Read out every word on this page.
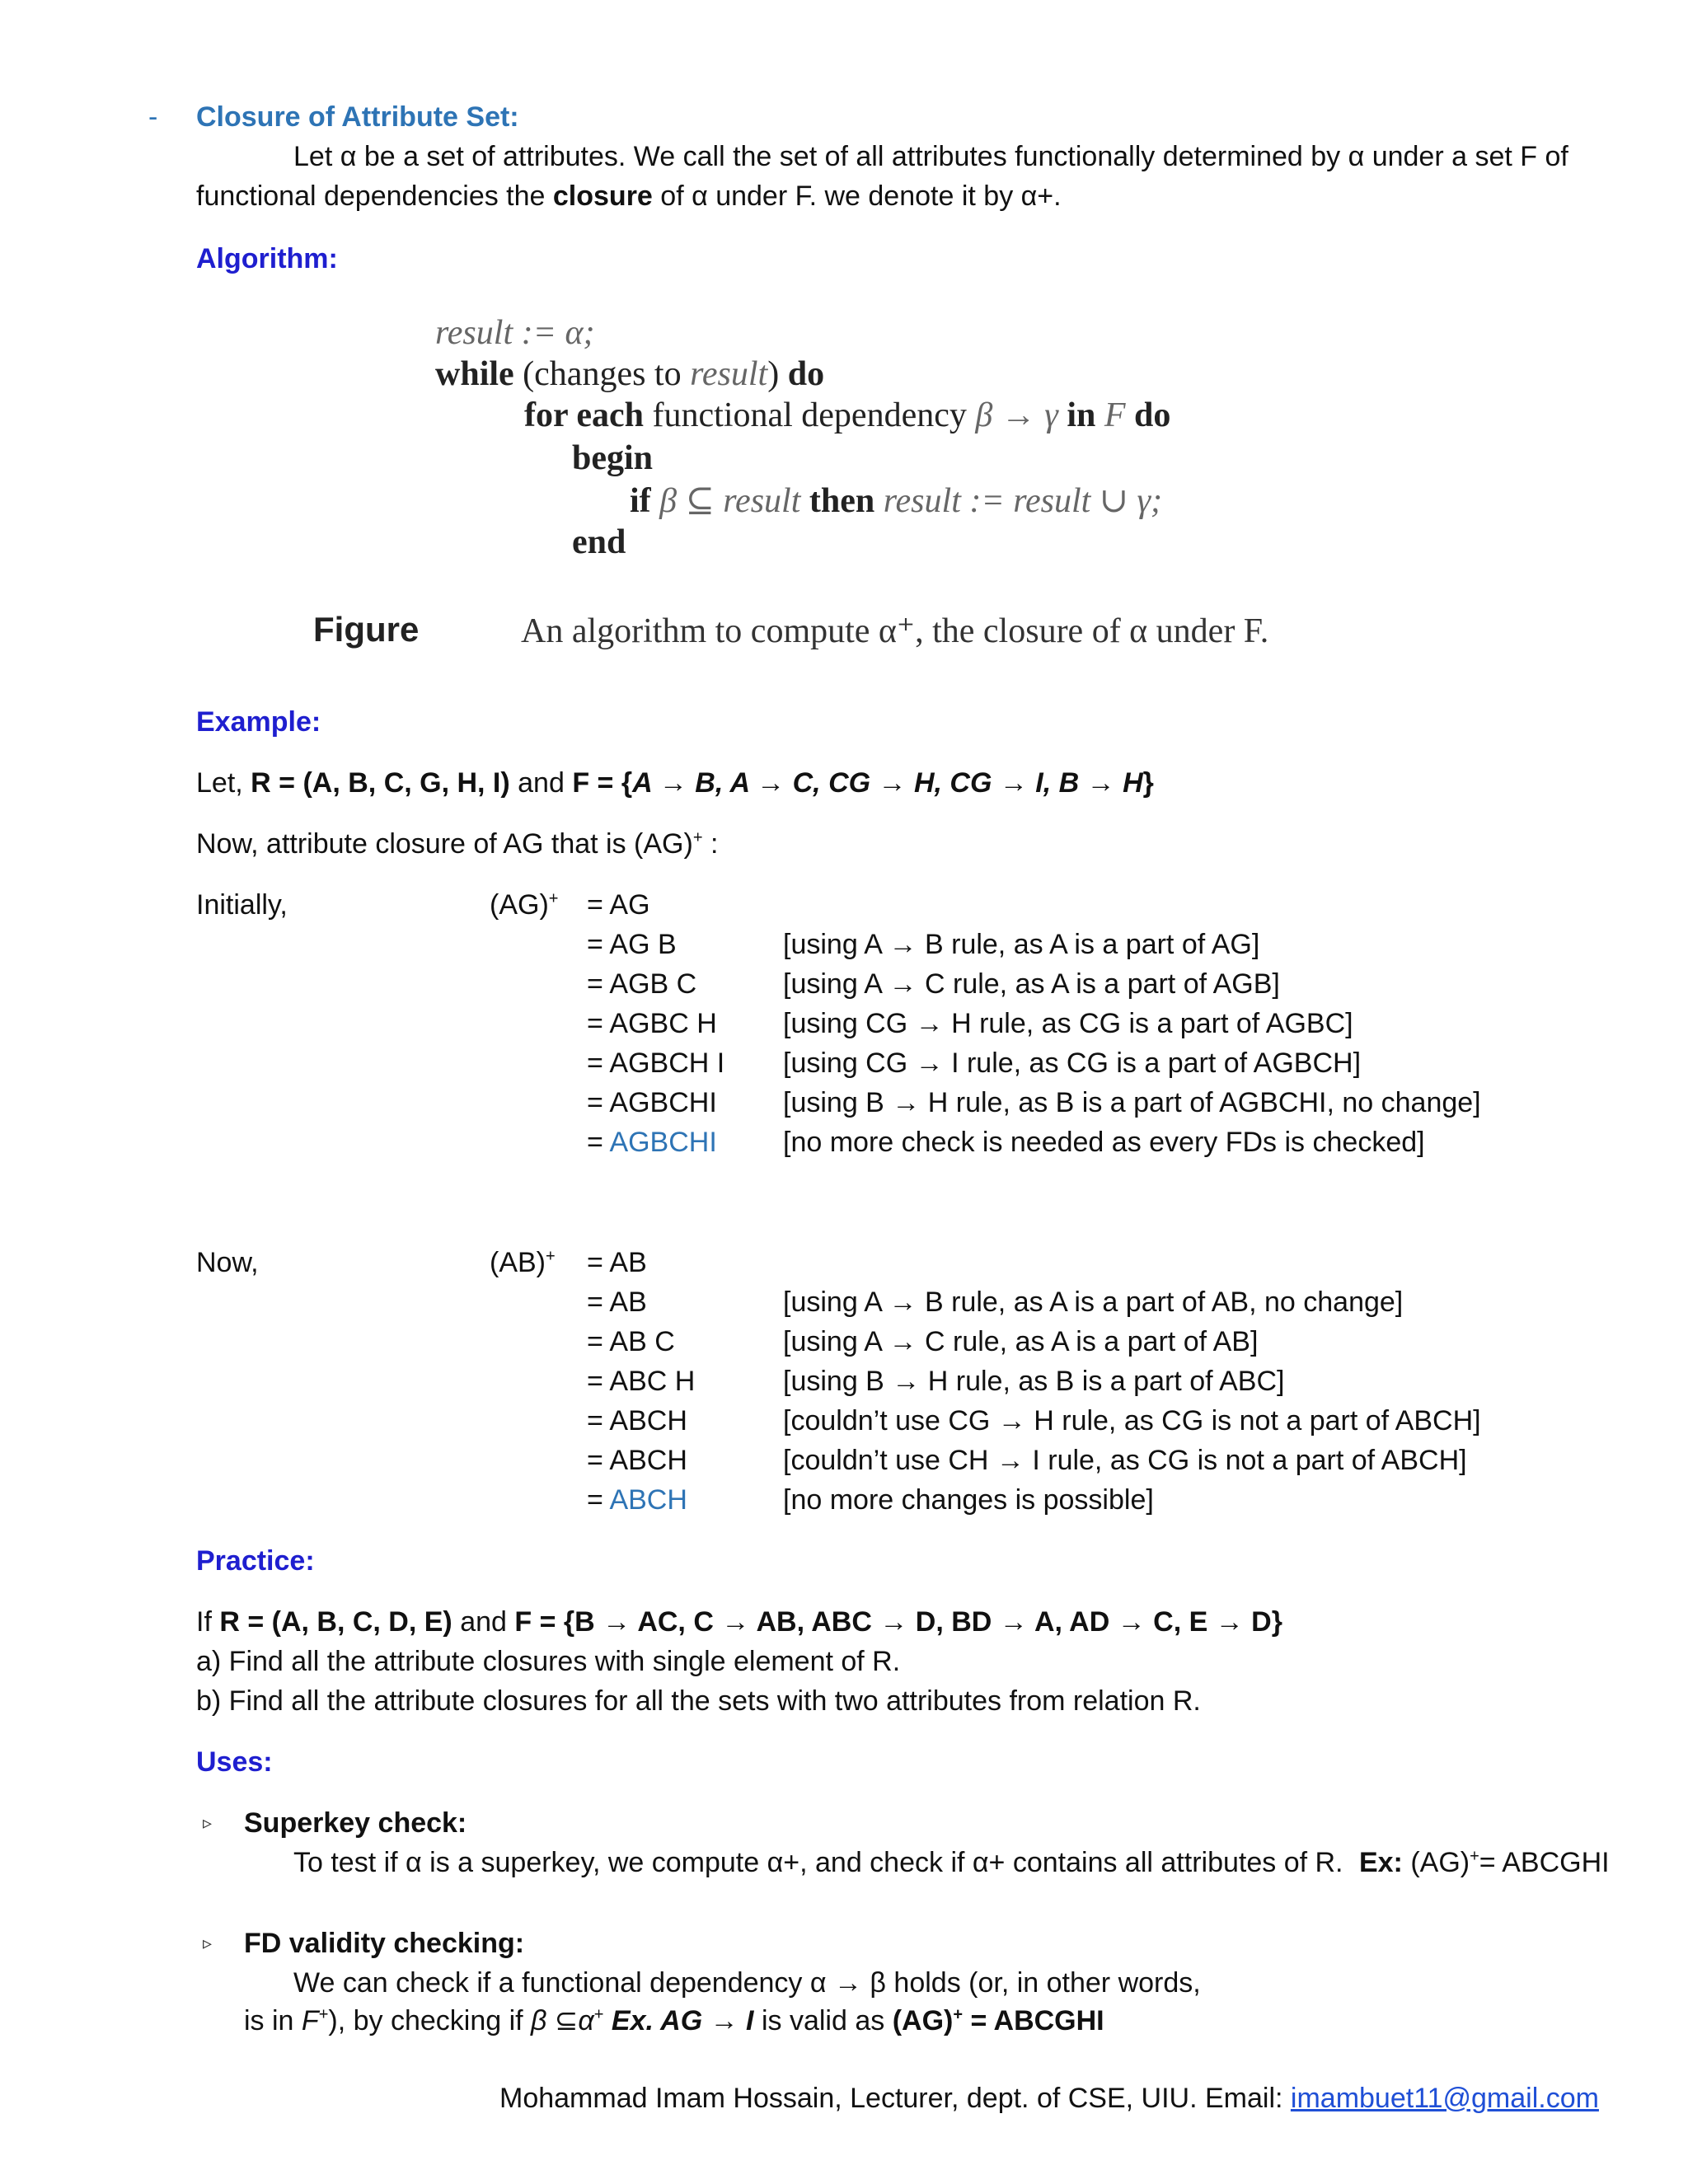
- Closure of Attribute Set:
Let α be a set of attributes. We call the set of all attributes functionally determined by α under a set F of
functional dependencies the closure of α under F. we denote it by α+.
Algorithm:
result := α;
while (changes to result) do
for each functional dependency β → γ in F do
begin
if β ⊆ result then result := result ∪ γ;
end
Figure	An algorithm to compute α⁺, the closure of α under F.
Example:
Let, R = (A, B, C, G, H, I) and F = {A → B, A → C, CG → H, CG → I, B → H}
Now, attribute closure of AG that is (AG)+ :
Initially,	(AG)+ = AG
= AG B	[using A → B rule, as A is a part of AG]
= AGB C	[using A → C rule, as A is a part of AGB]
= AGBC H [using CG → H rule, as CG is a part of AGBC]
= AGBCH I [using CG → I rule, as CG is a part of AGBCH]
= AGBCHI [using B → H rule, as B is a part of AGBCHI, no change]
= AGBCHI [no more check is needed as every FDs is checked]
Now,	(AB)+ = AB
= AB	[using A → B rule, as A is a part of AB, no change]
= AB C	[using A → C rule, as A is a part of AB]
= ABC H	[using B → H rule, as B is a part of ABC]
= ABCH	[couldn’t use CG → H rule, as CG is not a part of ABCH]
= ABCH	[couldn’t use CH → I rule, as CG is not a part of ABCH]
= ABCH	[no more changes is possible]
Practice:
If R = (A, B, C, D, E) and F = {B → AC, C → AB, ABC → D, BD → A, AD → C, E → D}
a) Find all the attribute closures with single element of R.
b) Find all the attribute closures for all the sets with two attributes from relation R.
Uses:
▹ Superkey check:
To test if α is a superkey, we compute α+, and check if α+ contains all attributes of R. Ex: (AG)+= ABCGHI
▹ FD validity checking:
We can check if a functional dependency α → β holds (or, in other words,
is in F+), by checking if β ⊆α+ Ex. AG → I is valid as (AG)+ = ABCGHI
Mohammad Imam Hossain, Lecturer, dept. of CSE, UIU. Email: imambuet11@gmail.com
